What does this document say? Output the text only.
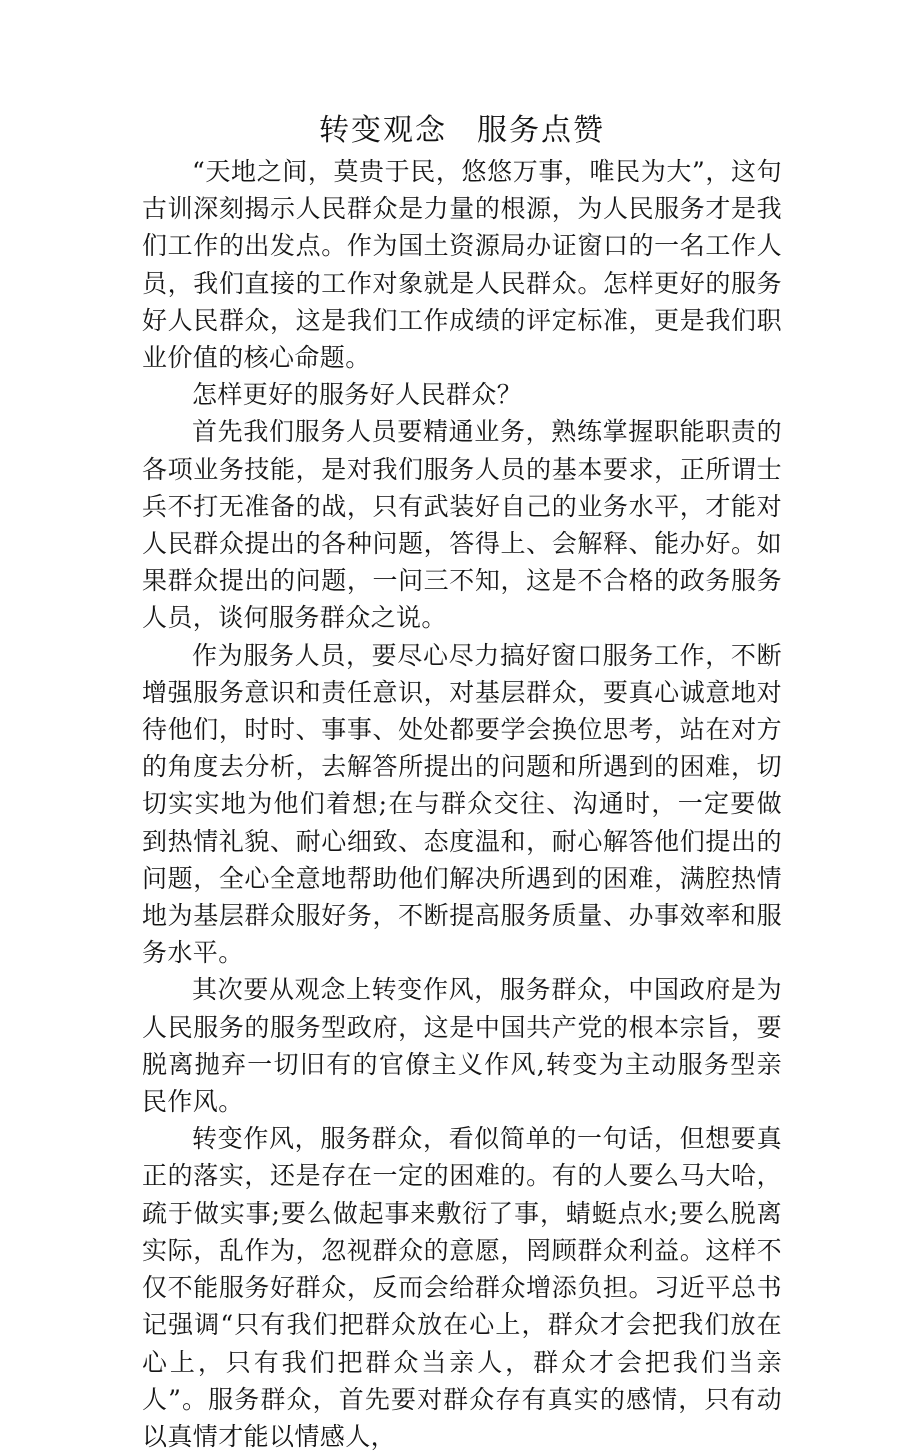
转变观念 服务点赞

“天地之间，莫贵于民，悠悠万事，唯民为大”，这句古训深刻揭示人民群众是力量的根源，为人民服务才是我们工作的出发点。作为国土资源局办证窗口的一名工作人员，我们直接的工作对象就是人民群众。怎样更好的服务好人民群众，这是我们工作成绩的评定标准，更是我们职业价值的核心命题。

怎样更好的服务好人民群众？

首先我们服务人员要精通业务，熟练掌握职能职责的各项业务技能，是对我们服务人员的基本要求，正所谓士兵不打无准备的战，只有武装好自己的业务水平，才能对人民群众提出的各种问题，答得上、会解释、能办好。如果群众提出的问题，一问三不知，这是不合格的政务服务人员，谈何服务群众之说。

作为服务人员，要尽心尽力搞好窗口服务工作，不断增强服务意识和责任意识，对基层群众，要真心诚意地对待他们，时时、事事、处处都要学会换位思考，站在对方的角度去分析，去解答所提出的问题和所遇到的困难，切切实实地为他们着想;在与群众交往、沟通时，一定要做到热情礼貌、耐心细致、态度温和，耐心解答他们提出的问题，全心全意地帮助他们解决所遇到的困难，满腔热情地为基层群众服好务，不断提高服务质量、办事效率和服务水平。

其次要从观念上转变作风，服务群众，中国政府是为人民服务的服务型政府，这是中国共产党的根本宗旨，要脱离抛弃一切旧有的官僚主义作风,转变为主动服务型亲民作风。

转变作风，服务群众，看似简单的一句话，但想要真正的落实，还是存在一定的困难的。有的人要么马大哈，疏于做实事;要么做起事来敷衍了事，蜻蜓点水;要么脱离实际，乱作为，忽视群众的意愿，罔顾群众利益。这样不仅不能服务好群众，反而会给群众增添负担。习近平总书记强调“只有我们把群众放在心上，群众才会把我们放在心上，只有我们把群众当亲人，群众才会把我们当亲人”。服务群众，首先要对群众存有真实的感情，只有动以真情才能以情感人，
